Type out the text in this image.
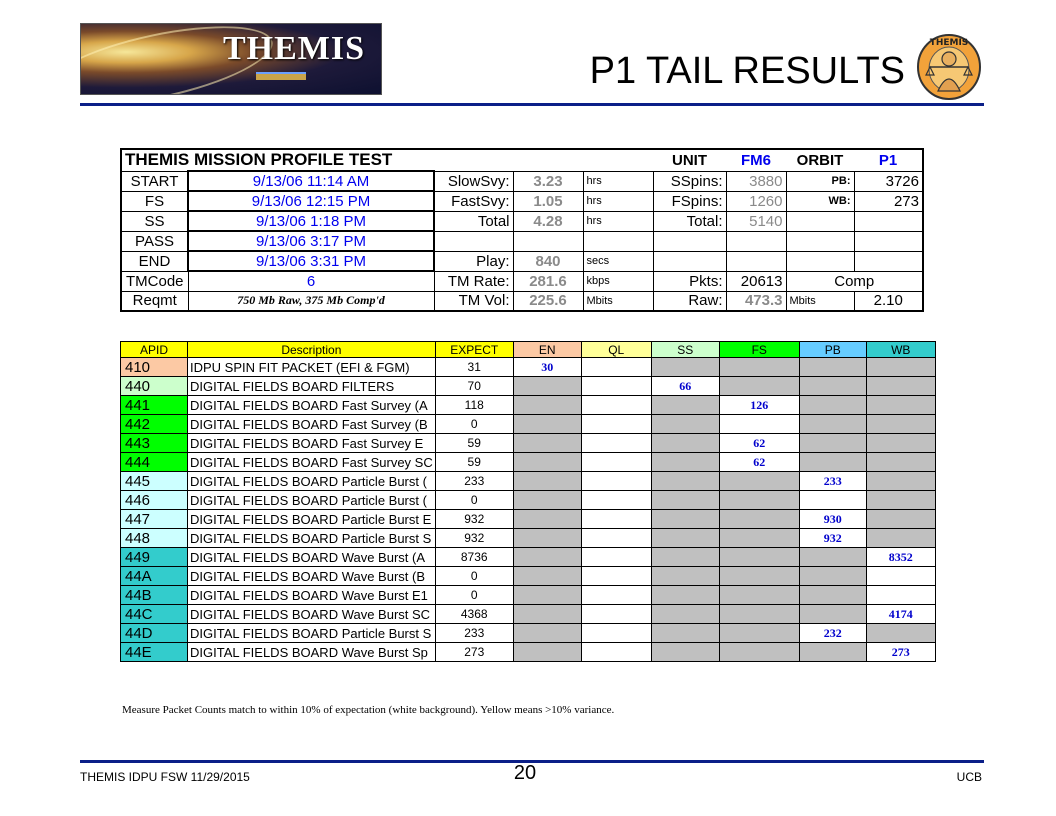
THEMIS
P1 TAIL RESULTS
THEMIS
THEMIS MISSION PROFILE TEST					UNIT	FM6	ORBIT	P1
START	9/13/06 11:14 AM	SlowSvy:	3.23	hrs	SSpins:	3880	PB:	3726
FS	9/13/06 12:15 PM	FastSvy:	1.05	hrs	FSpins:	1260	WB:	273
SS	9/13/06 1:18 PM	Total	4.28	hrs	Total:	5140		
PASS	9/13/06 3:17 PM							
END	9/13/06 3:31 PM	Play:	840	secs				
TMCode	6	TM Rate:	281.6	kbps	Pkts:	20613	Comp	
Reqmt	750 Mb Raw, 375 Mb Comp'd	TM Vol:	225.6	Mbits	Raw:	473.3	Mbits	2.10
APID	Description	EXPECT	EN	QL	SS	FS	PB	WB
410	IDPU SPIN FIT PACKET (EFI & FGM)	31	30					
440	DIGITAL FIELDS BOARD FILTERS	70			66			
441	DIGITAL FIELDS BOARD Fast Survey (A	118				126		
442	DIGITAL FIELDS BOARD Fast Survey (B	0						
443	DIGITAL FIELDS BOARD Fast Survey E	59				62		
444	DIGITAL FIELDS BOARD Fast Survey SC	59				62		
445	DIGITAL FIELDS BOARD Particle Burst (	233					233	
446	DIGITAL FIELDS BOARD Particle Burst (	0						
447	DIGITAL FIELDS BOARD Particle Burst E	932					930	
448	DIGITAL FIELDS BOARD Particle Burst S	932					932	
449	DIGITAL FIELDS BOARD Wave Burst (A	8736						8352
44A	DIGITAL FIELDS BOARD Wave Burst (B	0						
44B	DIGITAL FIELDS BOARD Wave Burst E1	0						
44C	DIGITAL FIELDS BOARD Wave Burst SC	4368						4174
44D	DIGITAL FIELDS BOARD Particle Burst S	233					232	
44E	DIGITAL FIELDS BOARD Wave Burst Sp	273						273
Measure Packet Counts match to within 10% of expectation (white background). Yellow means >10% variance.
THEMIS IDPU FSW 11/29/2015	20	UCB
